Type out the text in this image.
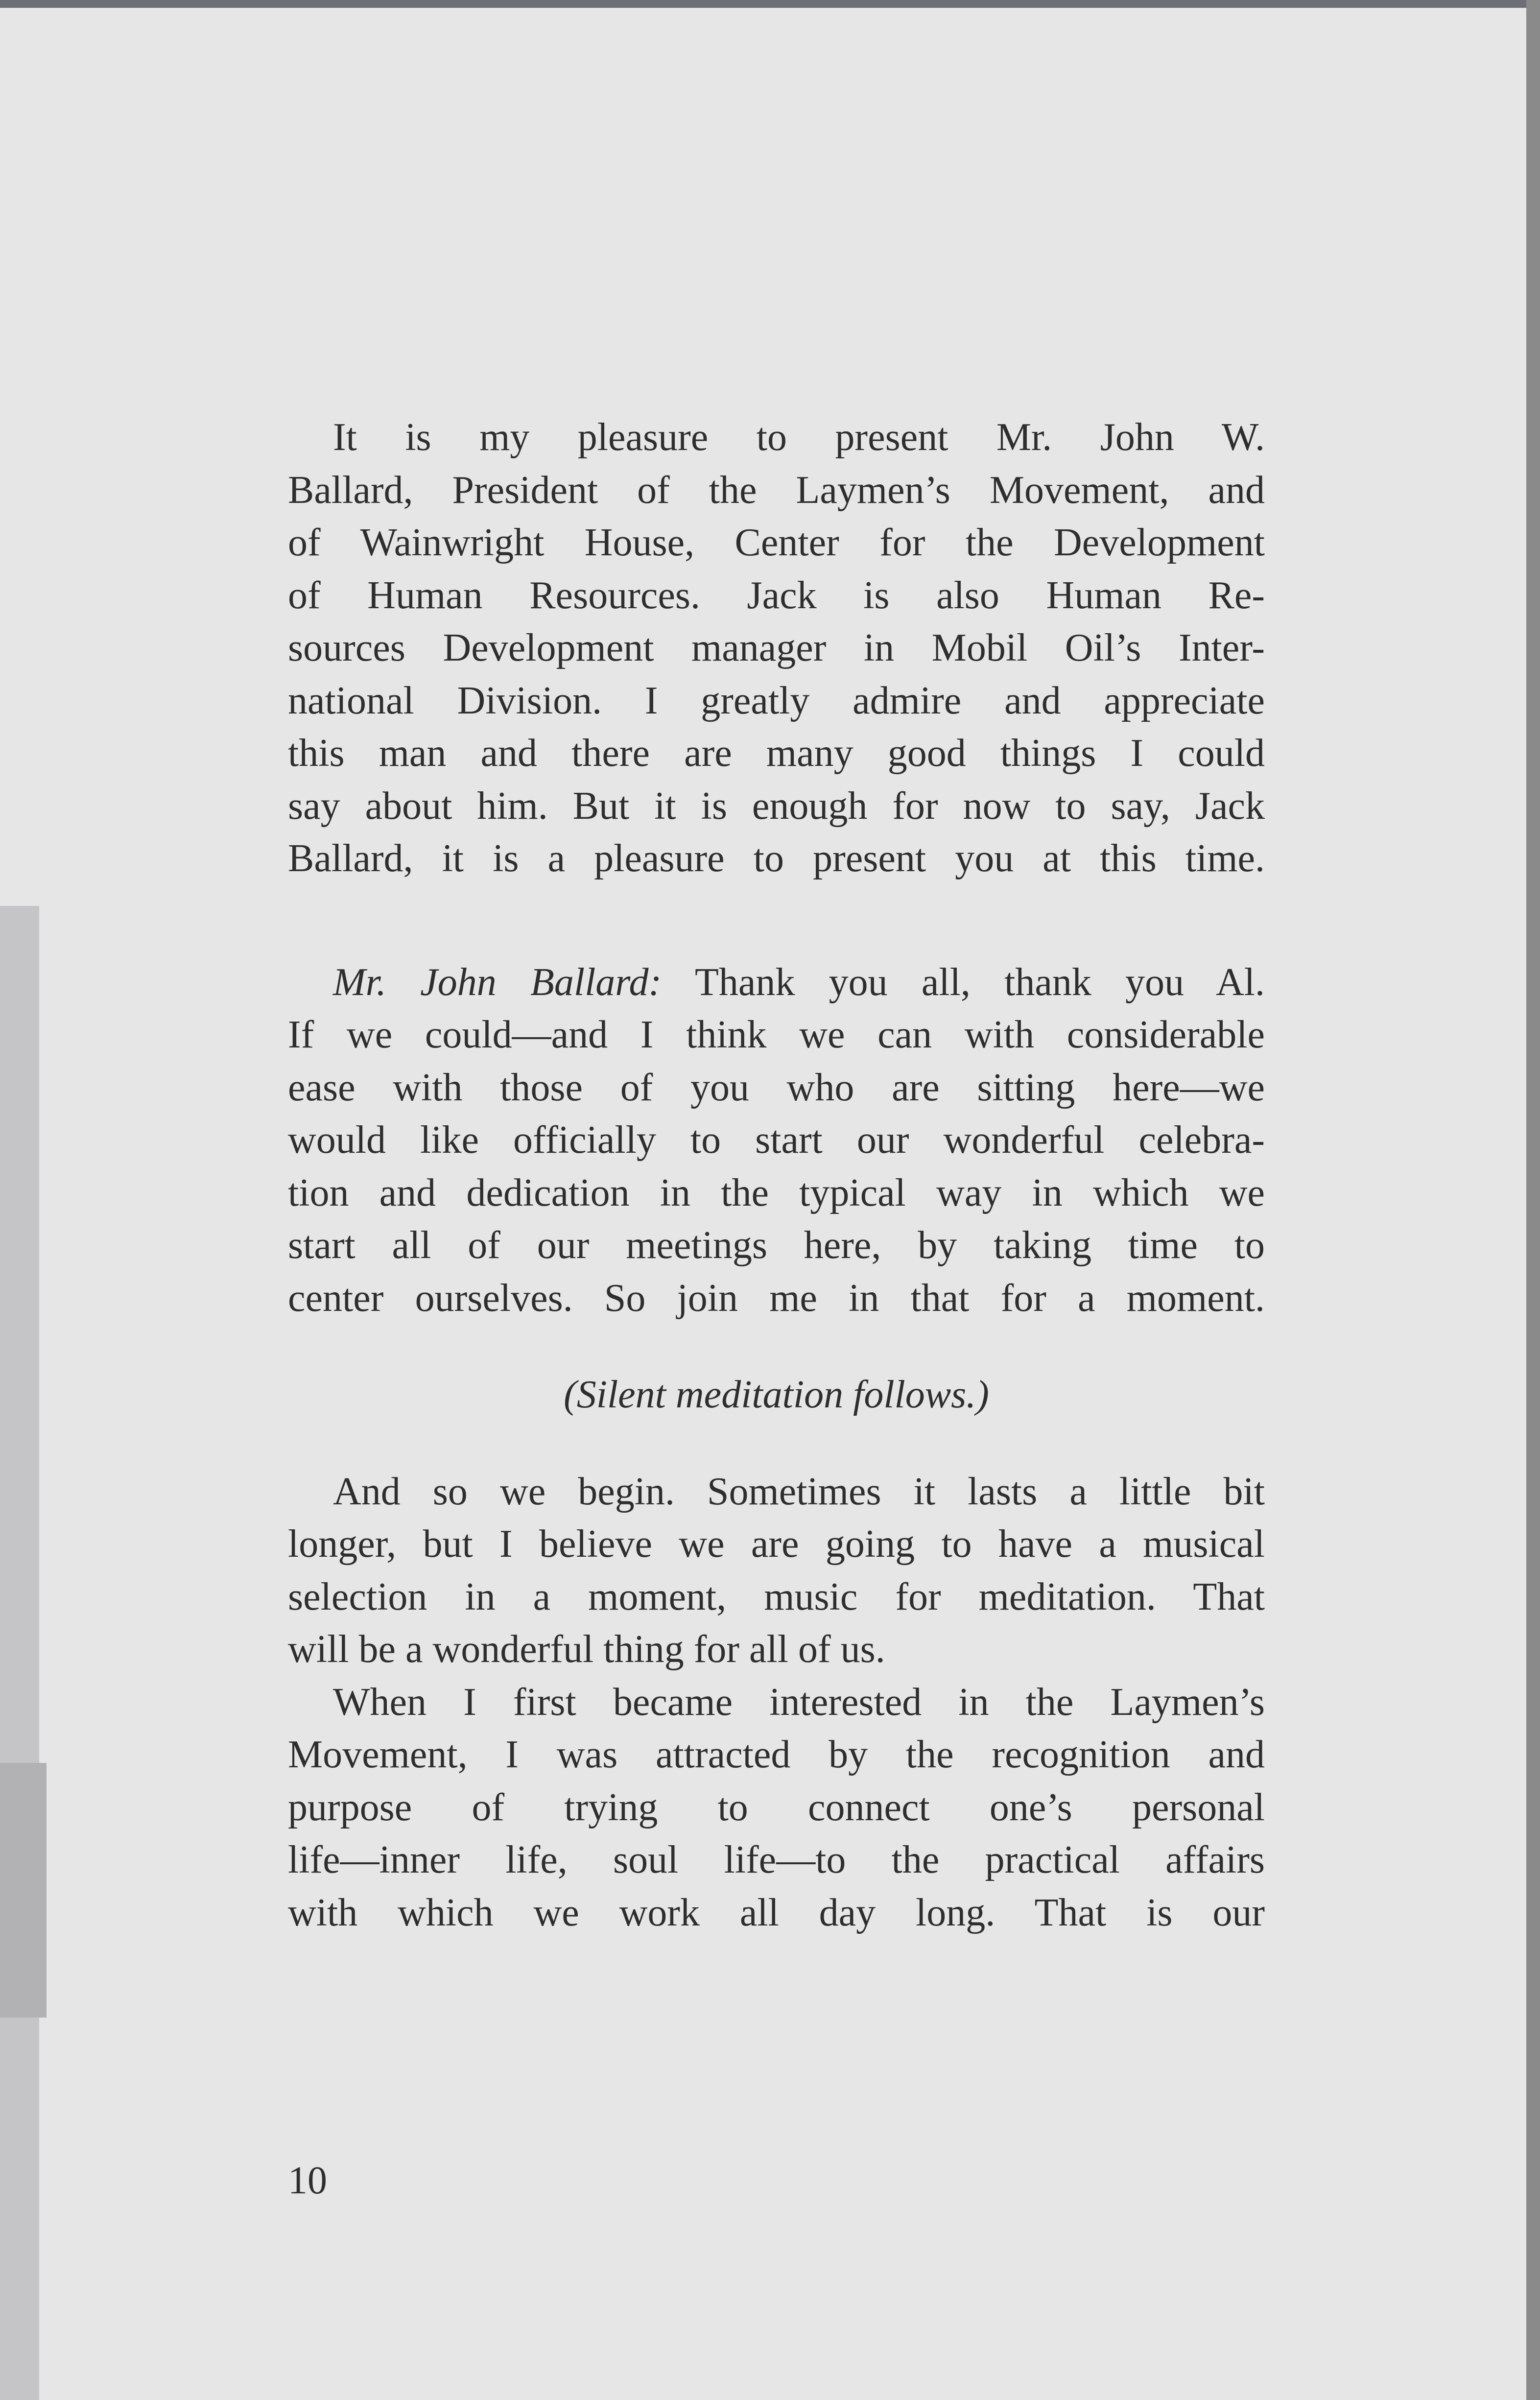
It is my pleasure to present Mr. John W.
Ballard, President of the Laymen’s Movement, and
of Wainwright House, Center for the Development
of Human Resources. Jack is also Human Re-
sources Development manager in Mobil Oil’s Inter-
national Division. I greatly admire and appreciate
this man and there are many good things I could
say about him. But it is enough for now to say, Jack
Ballard, it is a pleasure to present you at this time.
Mr. John Ballard: Thank you all, thank you Al.
If we could—and I think we can with considerable
ease with those of you who are sitting here—we
would like officially to start our wonderful celebra-
tion and dedication in the typical way in which we
start all of our meetings here, by taking time to
center ourselves. So join me in that for a moment.
(Silent meditation follows.)
And so we begin. Sometimes it lasts a little bit
longer, but I believe we are going to have a musical
selection in a moment, music for meditation. That
will be a wonderful thing for all of us.
When I first became interested in the Laymen’s
Movement, I was attracted by the recognition and
purpose of trying to connect one’s personal
life—inner life, soul life—to the practical affairs
with which we work all day long. That is our
10
